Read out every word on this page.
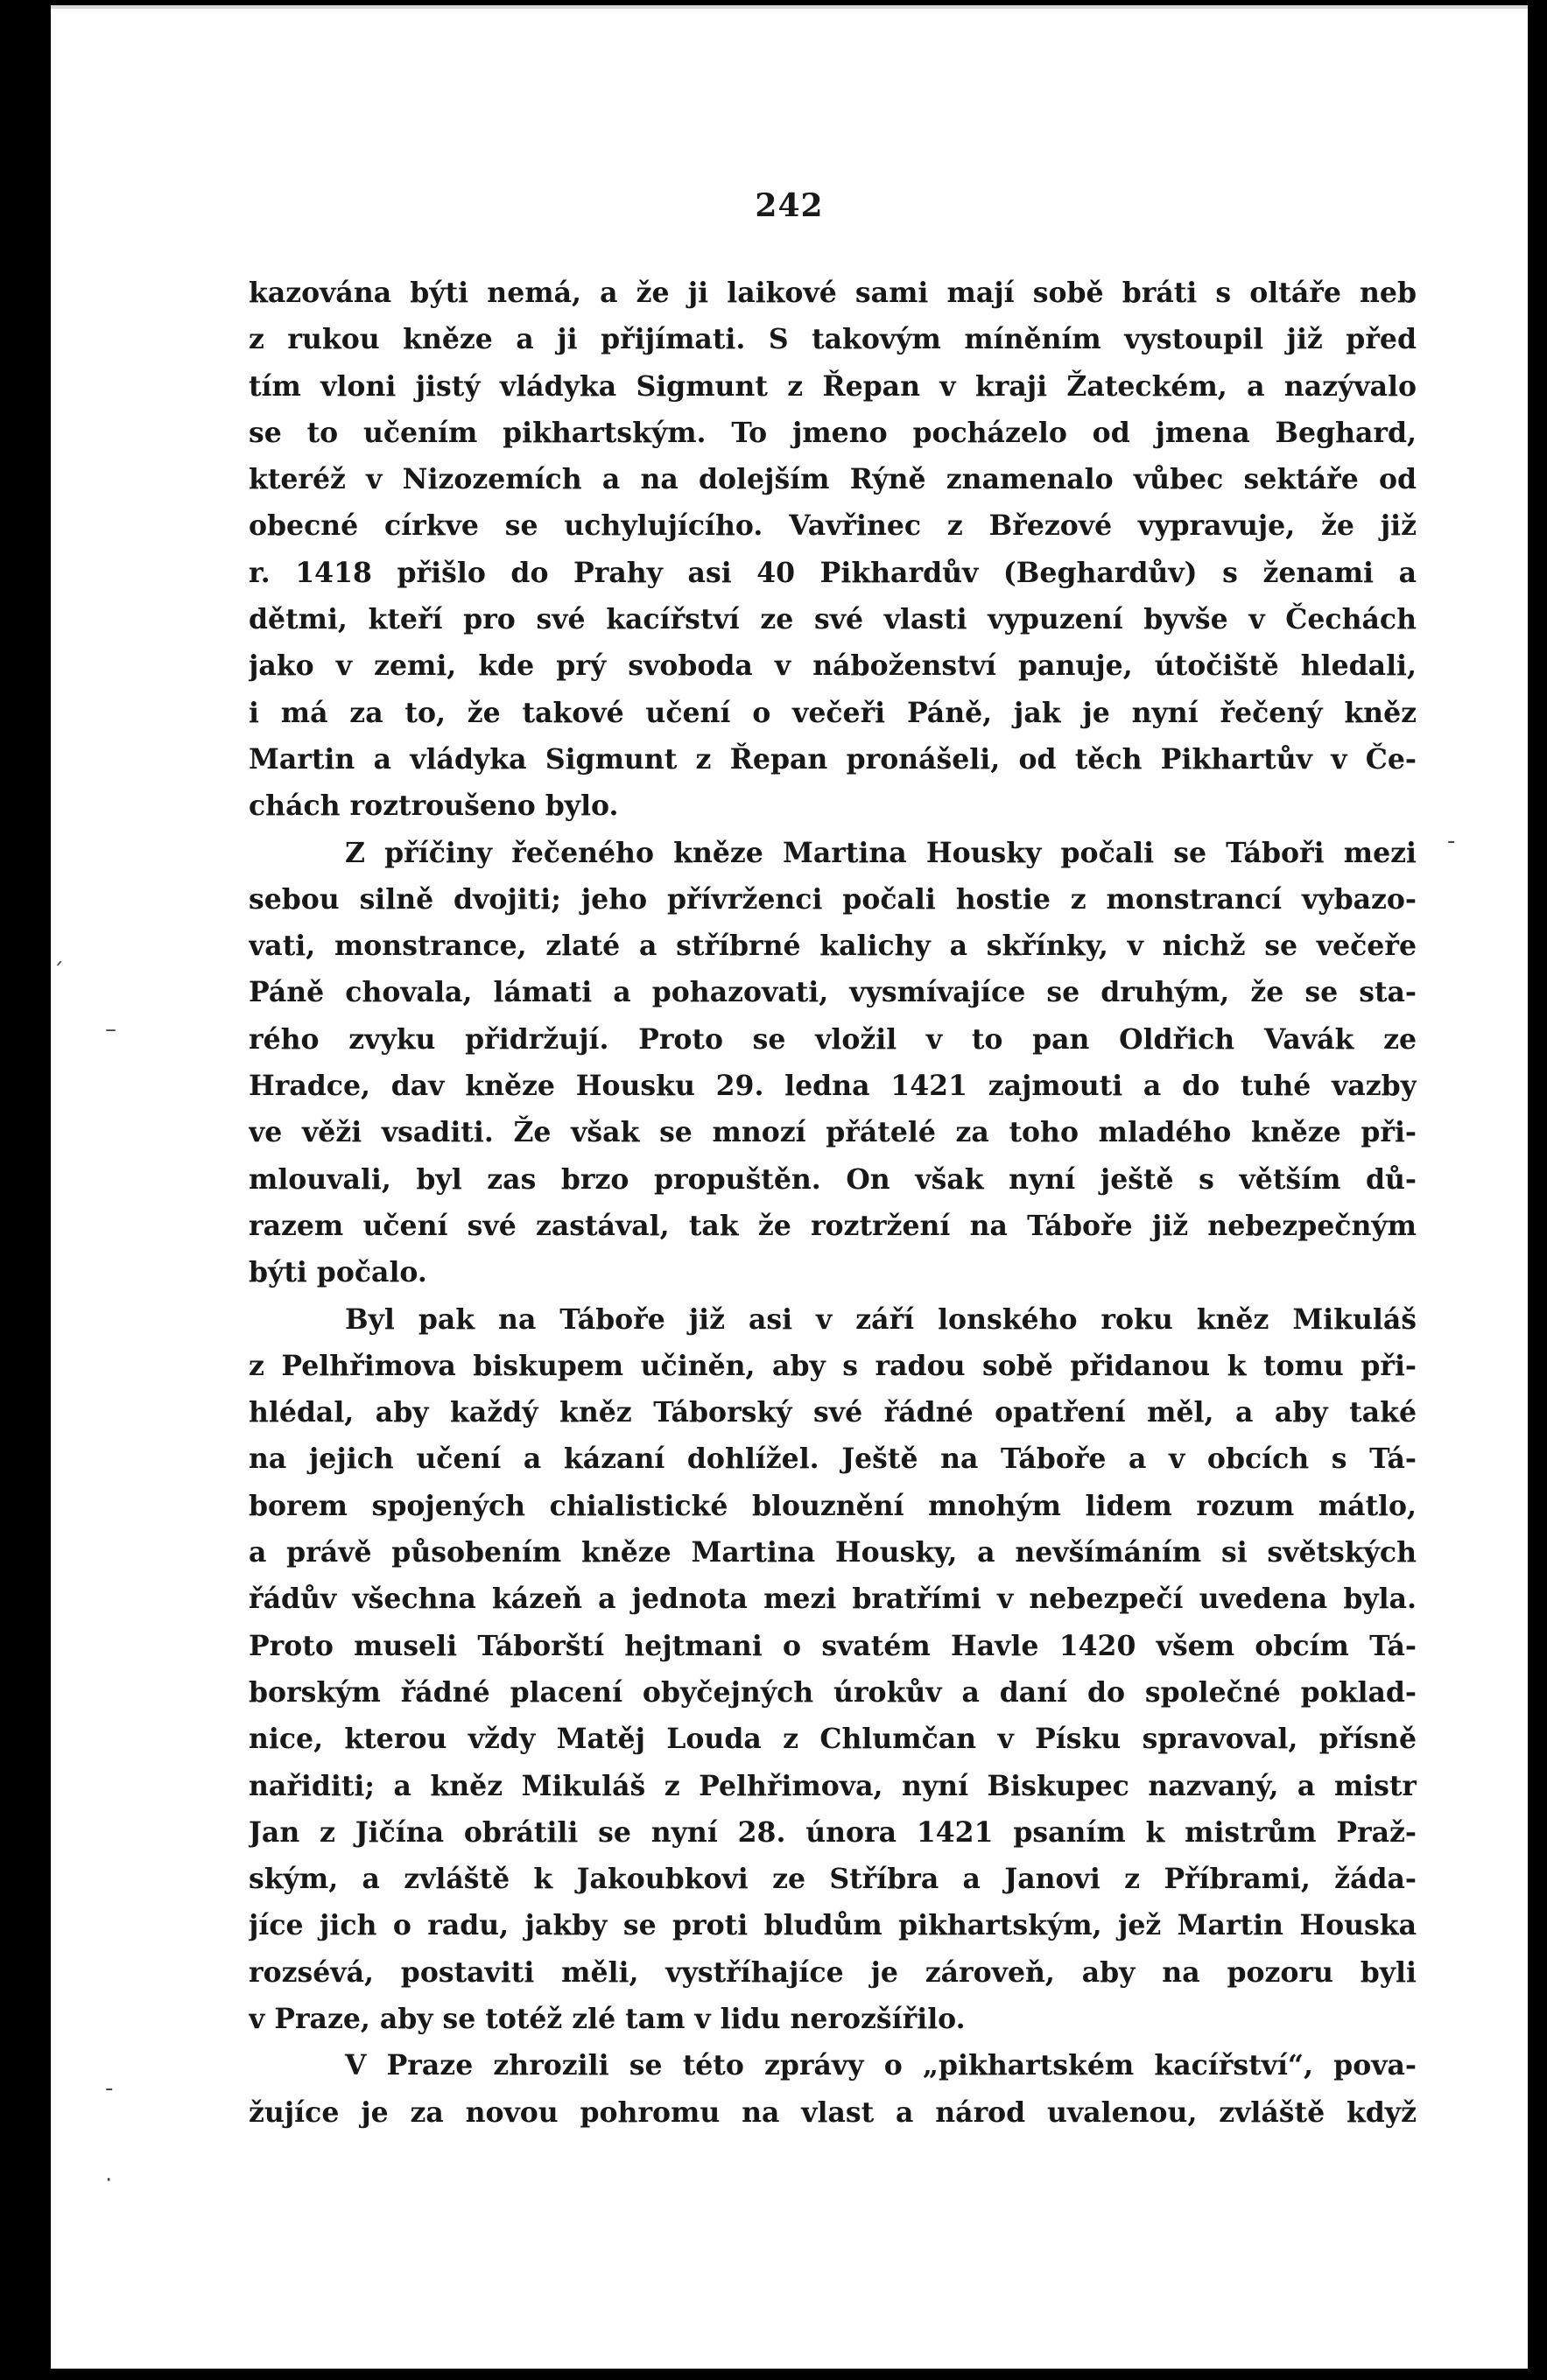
242
kazována býti nemá, a že ji laikové sami mají sobě bráti s oltáře neb
z rukou kněze a ji přijímati. S takovým míněním vystoupil již před
tím vloni jistý vládyka Sigmunt z Řepan v kraji Žateckém, a nazývalo
se to učením pikhartským. To jmeno pocházelo od jmena Beghard,
kteréž v Nizozemích a na dolejším Rýně znamenalo vůbec sektáře od
obecné církve se uchylujícího. Vavřinec z Březové vypravuje, že již
r. 1418 přišlo do Prahy asi 40 Pikhardův (Beghardův) s ženami a
dětmi, kteří pro své kacířství ze své vlasti vypuzení byvše v Čechách
jako v zemi, kde prý svoboda v náboženství panuje, útočiště hledali,
i má za to, že takové učení o večeři Páně, jak je nyní řečený kněz
Martin a vládyka Sigmunt z Řepan pronášeli, od těch Pikhartův v Če-
chách roztroušeno bylo.
Z příčiny řečeného kněze Martina Housky počali se Táboři mezi
sebou silně dvojiti; jeho přívrženci počali hostie z monstrancí vybazo-
vati, monstrance, zlaté a stříbrné kalichy a skřínky, v nichž se večeře
Páně chovala, lámati a pohazovati, vysmívajíce se druhým, že se sta-
rého zvyku přidržují. Proto se vložil v to pan Oldřich Vavák ze
Hradce, dav kněze Housku 29. ledna 1421 zajmouti a do tuhé vazby
ve věži vsaditi. Že však se mnozí přátelé za toho mladého kněze při-
mlouvali, byl zas brzo propuštěn. On však nyní ještě s větším dů-
razem učení své zastával, tak že roztržení na Táboře již nebezpečným
býti počalo.
Byl pak na Táboře již asi v září lonského roku kněz Mikuláš
z Pelhřimova biskupem učiněn, aby s radou sobě přidanou k tomu při-
hlédal, aby každý kněz Táborský své řádné opatření měl, a aby také
na jejich učení a kázaní dohlížel. Ještě na Táboře a v obcích s Tá-
borem spojených chialistické blouznění mnohým lidem rozum mátlo,
a právě působením kněze Martina Housky, a nevšímáním si světských
řádův všechna kázeň a jednota mezi bratřími v nebezpečí uvedena byla.
Proto museli Táborští hejtmani o svatém Havle 1420 všem obcím Tá-
borským řádné placení obyčejných úrokův a daní do společné poklad-
nice, kterou vždy Matěj Louda z Chlumčan v Písku spravoval, přísně
nařiditi; a kněz Mikuláš z Pelhřimova, nyní Biskupec nazvaný, a mistr
Jan z Jičína obrátili se nyní 28. února 1421 psaním k mistrům Praž-
ským, a zvláště k Jakoubkovi ze Stříbra a Janovi z Příbrami, žáda-
jíce jich o radu, jakby se proti bludům pikhartským, jež Martin Houska
rozsévá, postaviti měli, vystříhajíce je zároveň, aby na pozoru byli
v Praze, aby se totéž zlé tam v lidu nerozšířilo.
V Praze zhrozili se této zprávy o „pikhartském kacířství“, pova-
žujíce je za novou pohromu na vlast a národ uvalenou, zvláště když
ˊ
–
-
·
-
